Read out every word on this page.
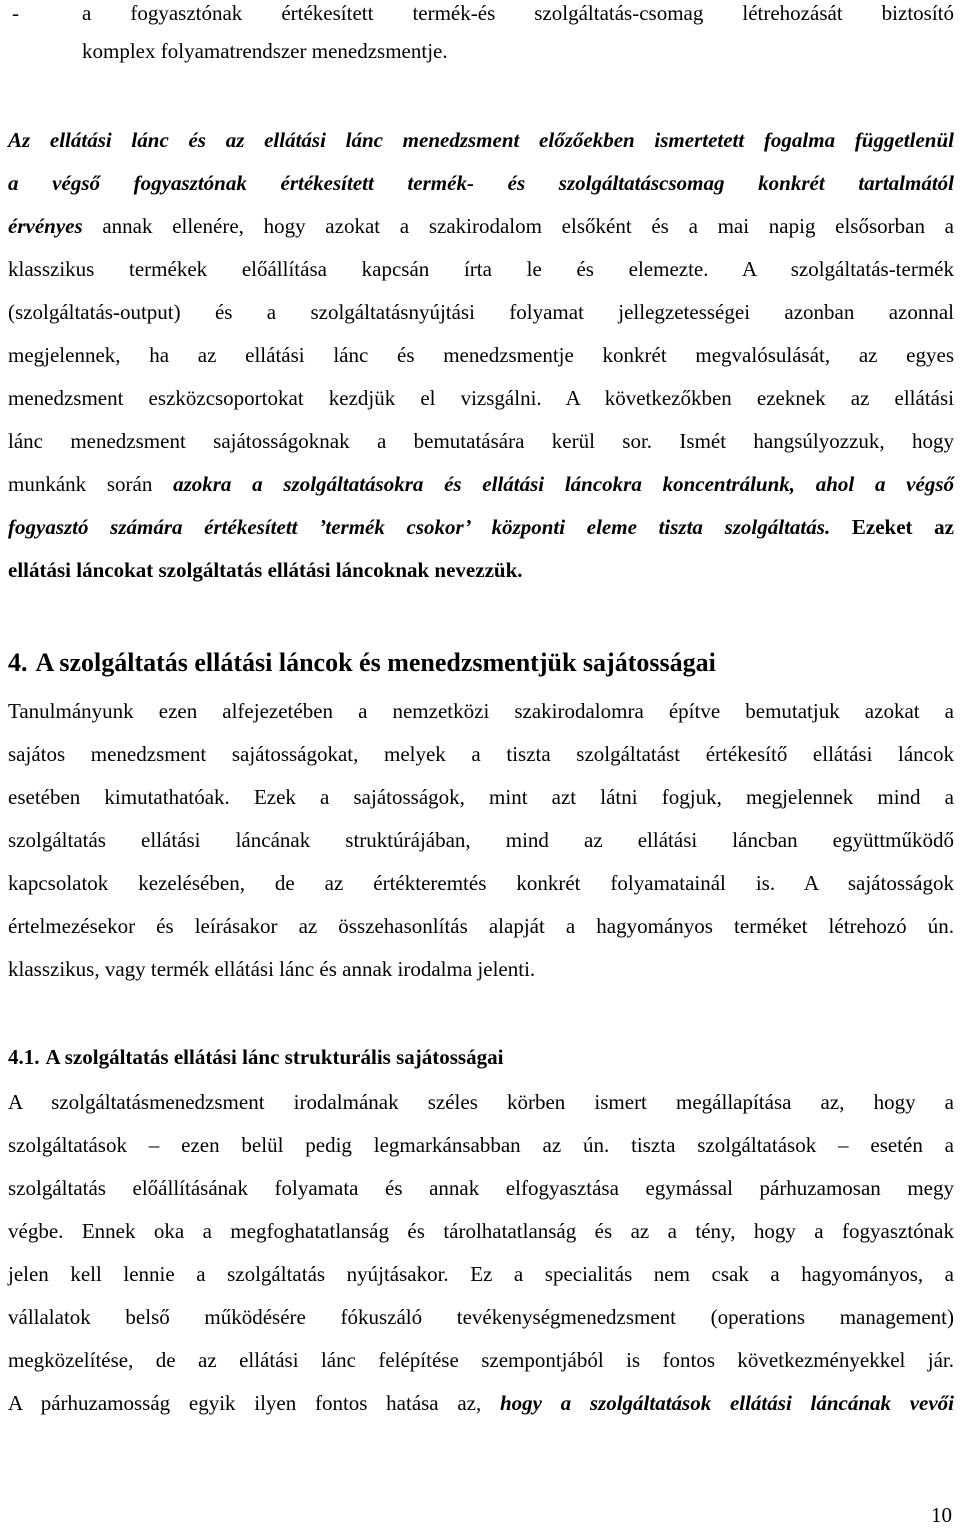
-	a fogyasztónak értékesített termék-és szolgáltatás-csomag létrehozását biztosító
komplex folyamatrendszer menedzsmentje.
Az ellátási lánc és az ellátási lánc menedzsment előzőekben ismertetett fogalma függetlenül
a végső fogyasztónak értékesített termék- és szolgáltatáscsomag konkrét tartalmától
érvényes annak ellenére, hogy azokat a szakirodalom elsőként és a mai napig elsősorban a
klasszikus termékek előállítása kapcsán írta le és elemezte. A szolgáltatás-termék
(szolgáltatás-output) és a szolgáltatásnyújtási folyamat jellegzetességei azonban azonnal
megjelennek, ha az ellátási lánc és menedzsmentje konkrét megvalósulását, az egyes
menedzsment eszközcsoportokat kezdjük el vizsgálni. A következőkben ezeknek az ellátási
lánc menedzsment sajátosságoknak a bemutatására kerül sor. Ismét hangsúlyozzuk, hogy
munkánk során azokra a szolgáltatásokra és ellátási láncokra koncentrálunk, ahol a végső
fogyasztó számára értékesített ’termék csokor’ központi eleme tiszta szolgáltatás. Ezeket az
ellátási láncokat szolgáltatás ellátási láncoknak nevezzük.
4. A szolgáltatás ellátási láncok és menedzsmentjük sajátosságai
Tanulmányunk ezen alfejezetében a nemzetközi szakirodalomra építve bemutatjuk azokat a
sajátos menedzsment sajátosságokat, melyek a tiszta szolgáltatást értékesítő ellátási láncok
esetében kimutathatóak. Ezek a sajátosságok, mint azt látni fogjuk, megjelennek mind a
szolgáltatás ellátási láncának struktúrájában, mind az ellátási láncban együttműködő
kapcsolatok kezelésében, de az értékteremtés konkrét folyamatainál is. A sajátosságok
értelmezésekor és leírásakor az összehasonlítás alapját a hagyományos terméket létrehozó ún.
klasszikus, vagy termék ellátási lánc és annak irodalma jelenti.
4.1. A szolgáltatás ellátási lánc strukturális sajátosságai
A szolgáltatásmenedzsment irodalmának széles körben ismert megállapítása az, hogy a
szolgáltatások – ezen belül pedig legmarkánsabban az ún. tiszta szolgáltatások – esetén a
szolgáltatás előállításának folyamata és annak elfogyasztása egymással párhuzamosan megy
végbe. Ennek oka a megfoghatatlanság és tárolhatatlanság és az a tény, hogy a fogyasztónak
jelen kell lennie a szolgáltatás nyújtásakor. Ez a specialitás nem csak a hagyományos, a
vállalatok belső működésére fókuszáló tevékenységmenedzsment (operations management)
megközelítése, de az ellátási lánc felépítése szempontjából is fontos következményekkel jár.
A párhuzamosság egyik ilyen fontos hatása az, hogy a szolgáltatások ellátási láncának vevői
10
